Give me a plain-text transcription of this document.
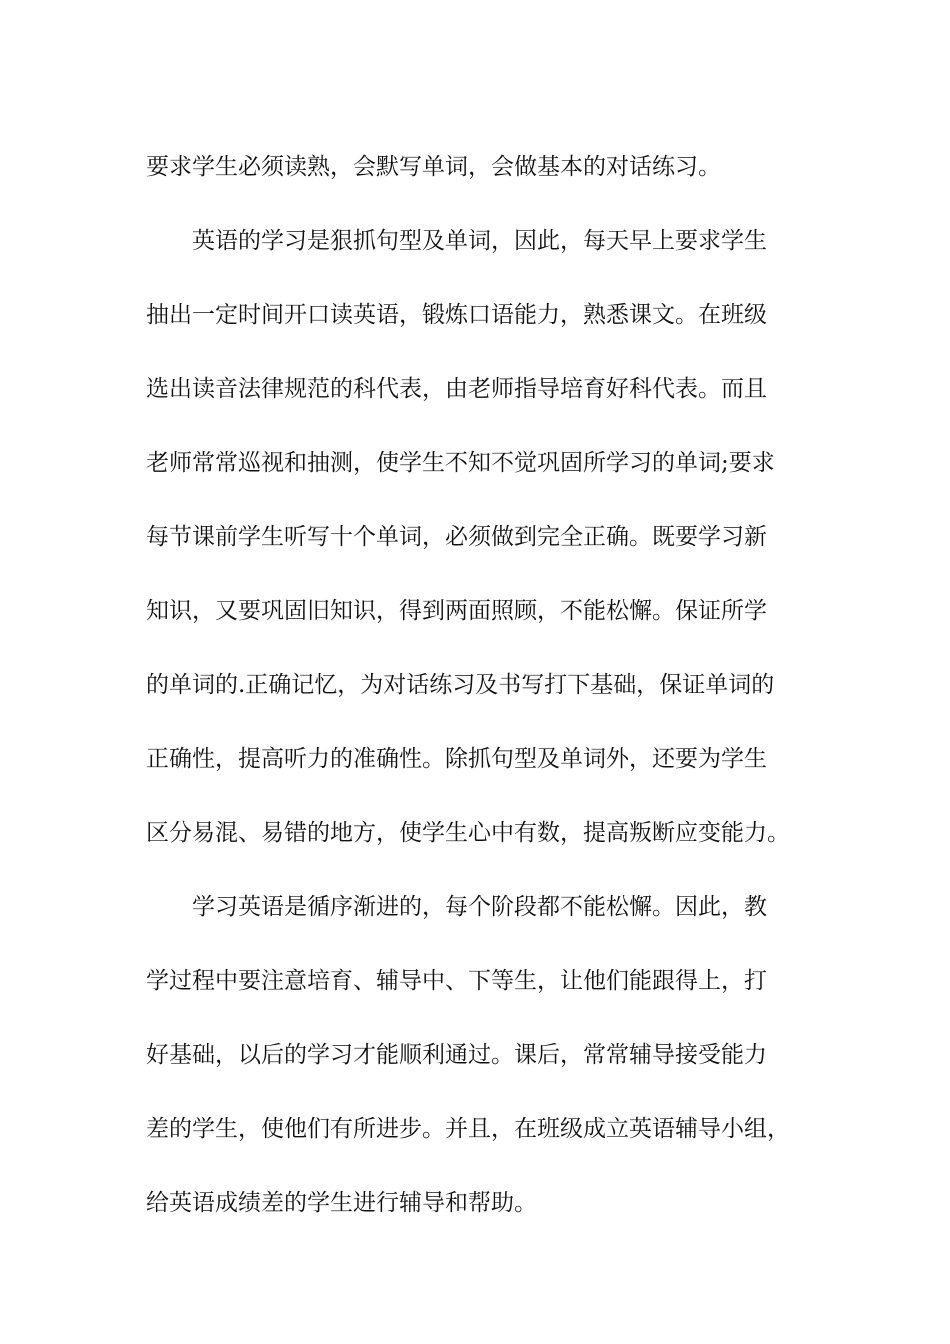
要求学生必须读熟，会默写单词，会做基本的对话练习。
英语的学习是狠抓句型及单词，因此，每天早上要求学生
抽出一定时间开口读英语，锻炼口语能力，熟悉课文。在班级
选出读音法律规范的科代表，由老师指导培育好科代表。而且
老师常常巡视和抽测，使学生不知不觉巩固所学习的单词;要求
每节课前学生听写十个单词，必须做到完全正确。既要学习新
知识，又要巩固旧知识，得到两面照顾，不能松懈。保证所学
的单词的.正确记忆，为对话练习及书写打下基础，保证单词的
正确性，提高听力的准确性。除抓句型及单词外，还要为学生
区分易混、易错的地方，使学生心中有数，提高叛断应变能力。
学习英语是循序渐进的，每个阶段都不能松懈。因此，教
学过程中要注意培育、辅导中、下等生，让他们能跟得上，打
好基础，以后的学习才能顺利通过。课后，常常辅导接受能力
差的学生，使他们有所进步。并且，在班级成立英语辅导小组，
给英语成绩差的学生进行辅导和帮助。
